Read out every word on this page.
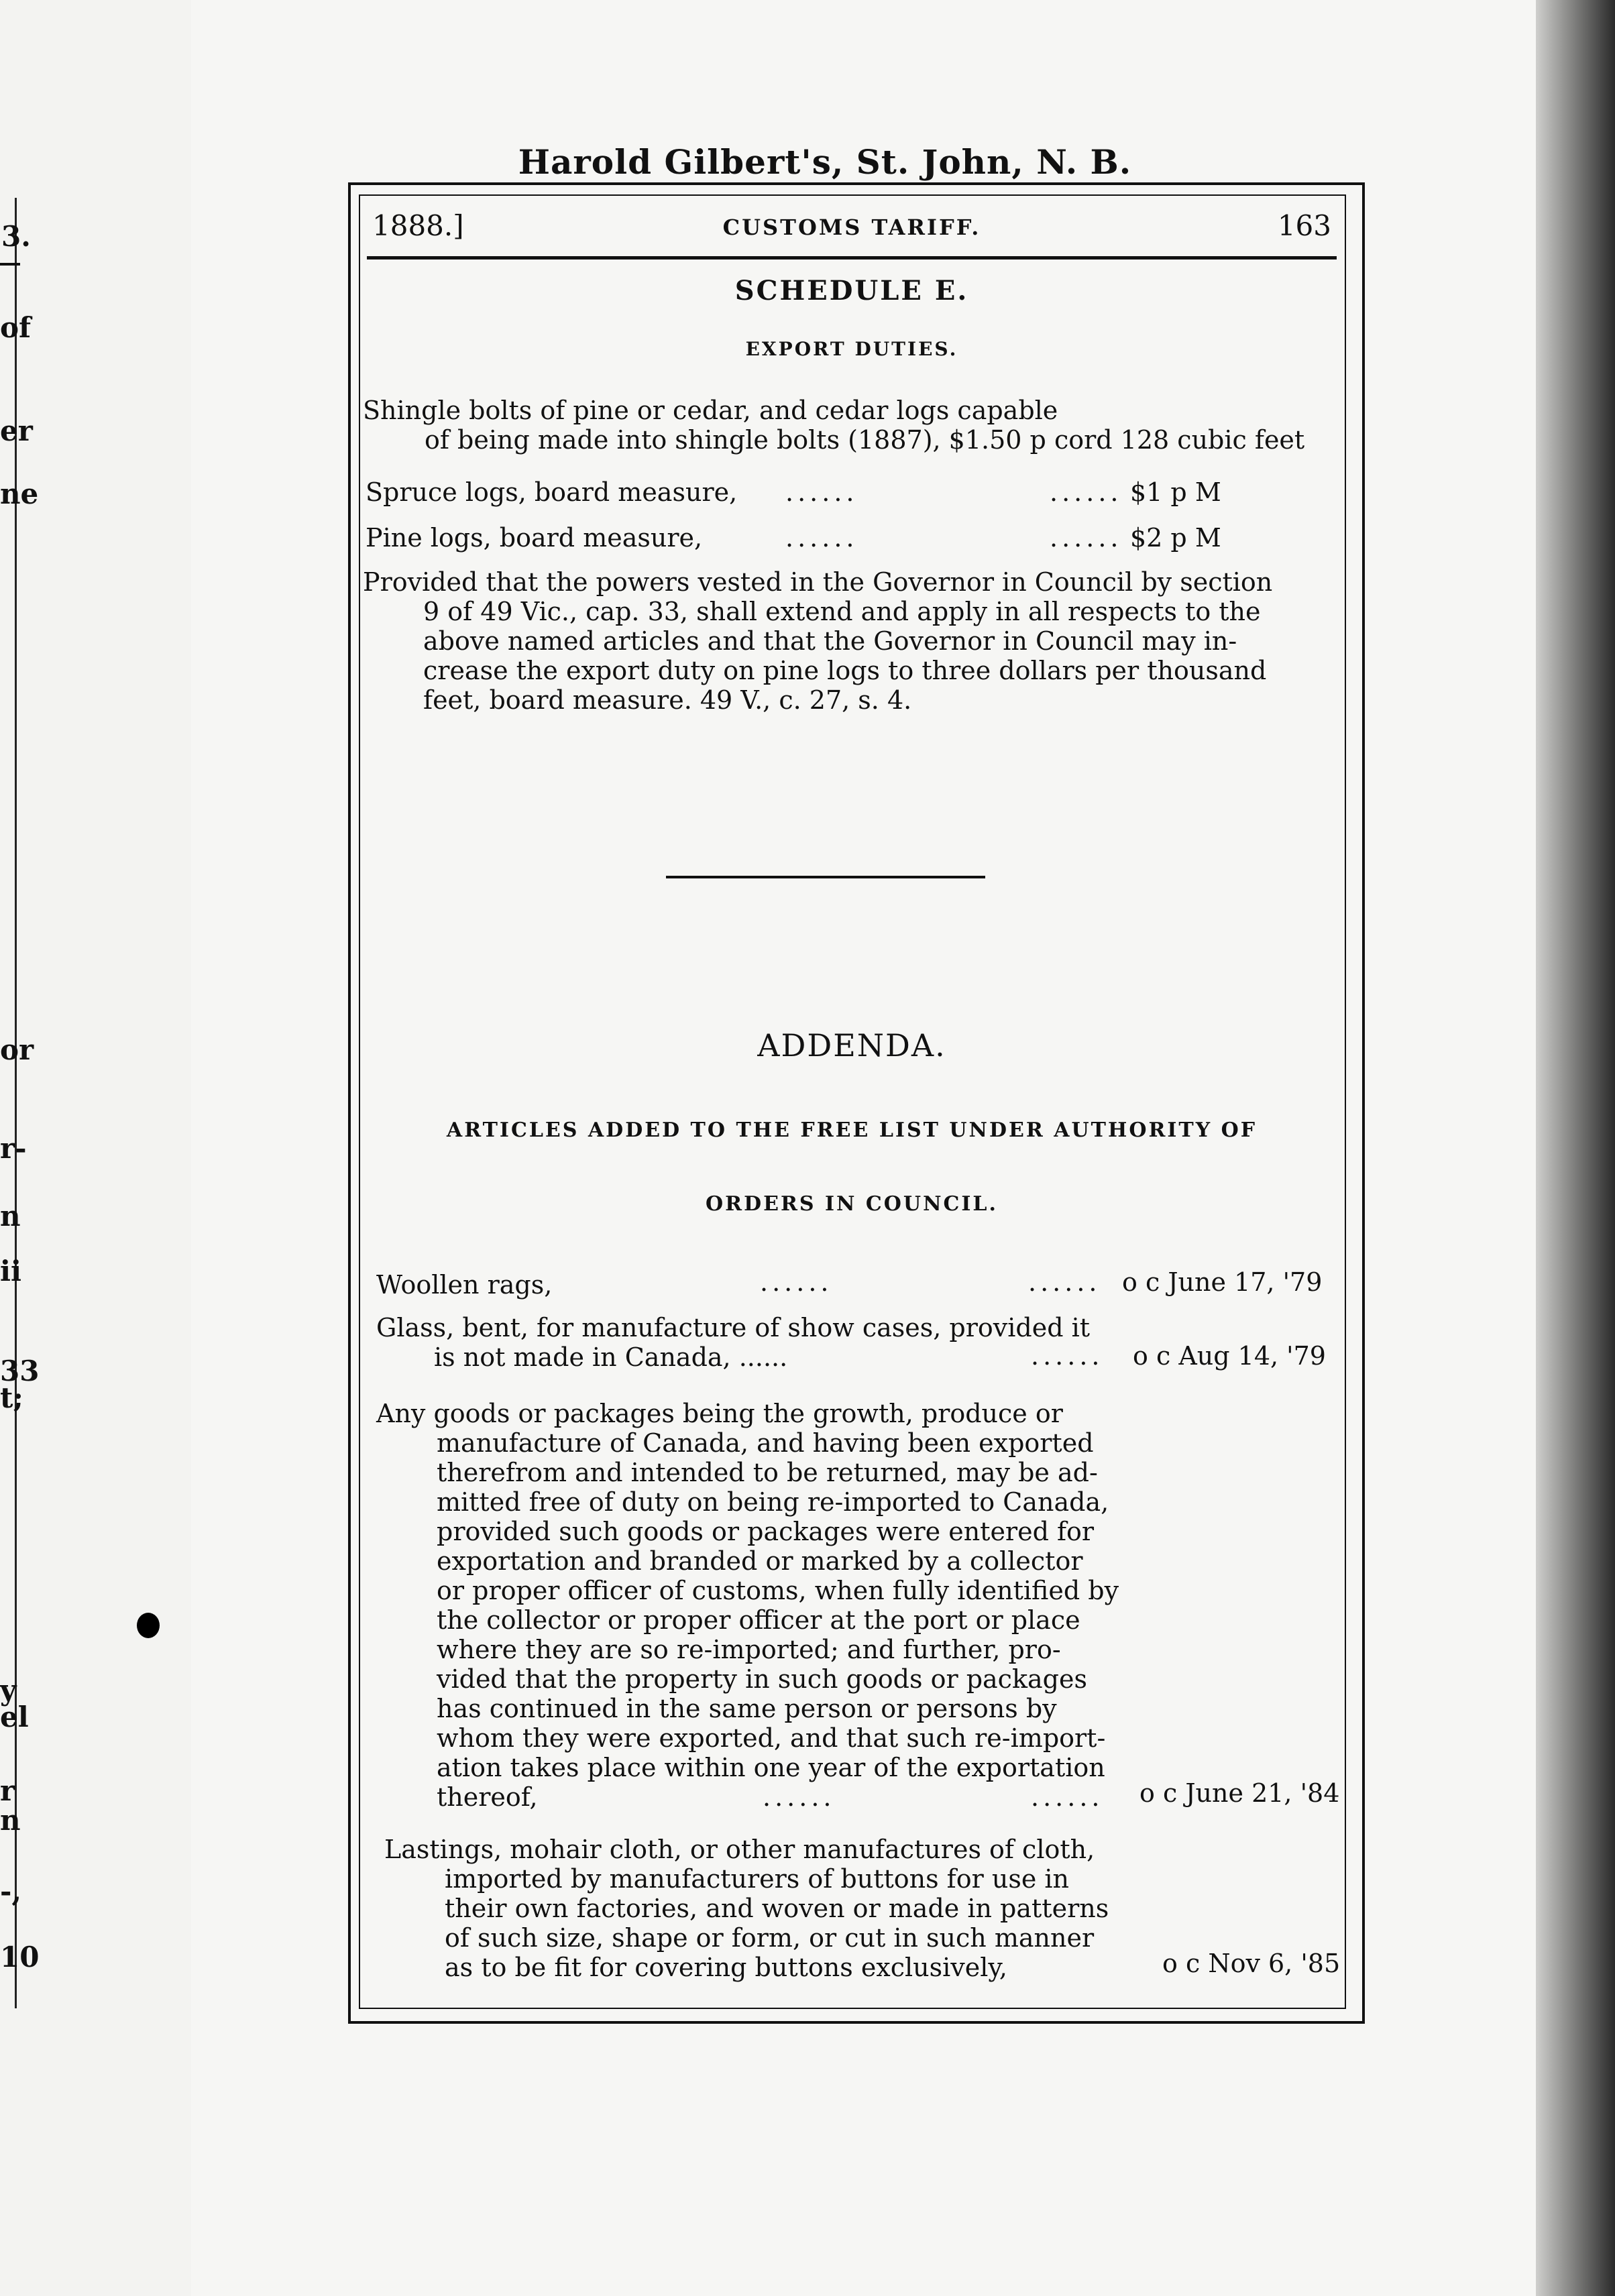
3.
of
er
ne
or
r-
n
ii
33
t;
y
el
r
n
-,
10
Harold Gilbert's, St. John, N. B.
1888.]	CUSTOMS TARIFF.	163
SCHEDULE E.
EXPORT DUTIES.
Shingle bolts of pine or cedar, and cedar logs capable
of being made into shingle bolts (1887), $1.50 p cord 128 cubic feet
Spruce logs, board measure, ......	...... $1 p M
Pine logs, board measure,	......	...... $2 p M
Provided that the powers vested in the Governor in Council by section
9 of 49 Vic., cap. 33, shall extend and apply in all respects to the
above named articles and that the Governor in Council may in-
crease the export duty on pine logs to three dollars per thousand
feet, board measure. 49 V., c. 27, s. 4.
ADDENDA.
ARTICLES ADDED TO THE FREE LIST UNDER AUTHORITY OF
ORDERS IN COUNCIL.
Woollen rags,	......	...... o c June 17, '79
Glass, bent, for manufacture of show cases, provided it
is not made in Canada, ......	...... o c Aug 14, '79
Any goods or packages being the growth, produce or
manufacture of Canada, and having been exported
therefrom and intended to be returned, may be ad-
mitted free of duty on being re-imported to Canada,
provided such goods or packages were entered for
exportation and branded or marked by a collector
or proper officer of customs, when fully identified by
the collector or proper officer at the port or place
where they are so re-imported; and further, pro-
vided that the property in such goods or packages
has continued in the same person or persons by
whom they were exported, and that such re-import-
ation takes place within one year of the exportation
thereof,	......	...... o c June 21, '84
Lastings, mohair cloth, or other manufactures of cloth,
imported by manufacturers of buttons for use in
their own factories, and woven or made in patterns
of such size, shape or form, or cut in such manner
as to be fit for covering buttons exclusively,	o c Nov 6, '85
